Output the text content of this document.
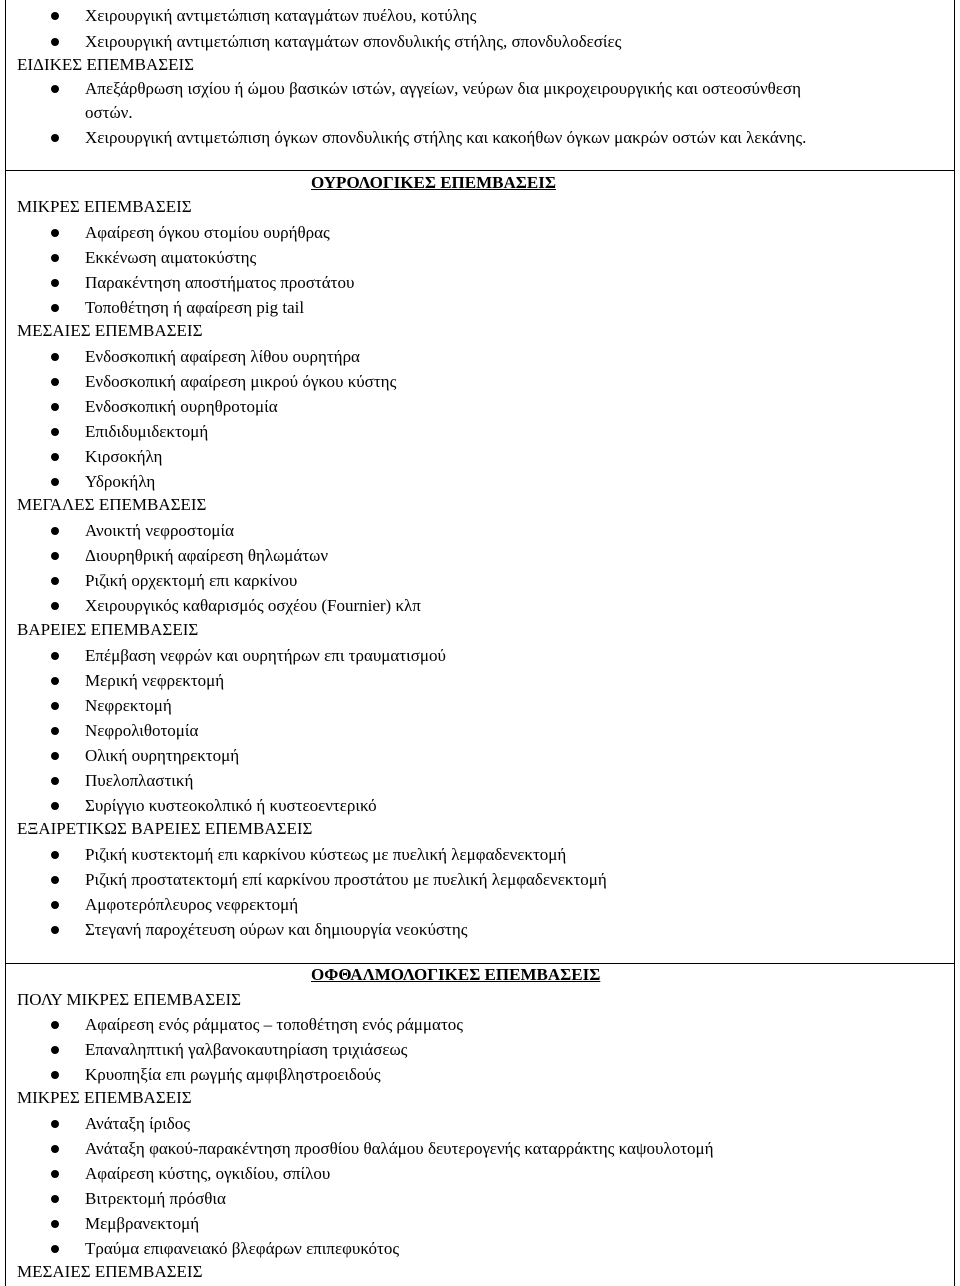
Χειρουργική αντιμετώπιση καταγμάτων πυέλου, κοτύλης
Χειρουργική αντιμετώπιση καταγμάτων σπονδυλικής στήλης, σπονδυλοδεσίες
ΕΙΔΙΚΕΣ ΕΠΕΜΒΑΣΕΙΣ
Απεξάρθρωση ισχίου ή ώμου βασικών ιστών, αγγείων, νεύρων δια μικροχειρουργικής και οστεοσύνθεση
οστών.
Χειρουργική αντιμετώπιση όγκων σπονδυλικής στήλης και κακοήθων όγκων μακρών οστών και λεκάνης.
ΟΥΡΟΛΟΓΙΚΕΣ ΕΠΕΜΒΑΣΕΙΣ
ΜΙΚΡΕΣ ΕΠΕΜΒΑΣΕΙΣ
Αφαίρεση όγκου στομίου ουρήθρας
Εκκένωση αιματοκύστης
Παρακέντηση αποστήματος προστάτου
Τοποθέτηση ή αφαίρεση pig tail
ΜΕΣΑΙΕΣ ΕΠΕΜΒΑΣΕΙΣ
Ενδοσκοπική αφαίρεση λίθου ουρητήρα
Ενδοσκοπική αφαίρεση μικρού όγκου κύστης
Ενδοσκοπική ουρηθροτομία
Επιδιδυμιδεκτομή
Κιρσοκήλη
Υδροκήλη
ΜΕΓΑΛΕΣ ΕΠΕΜΒΑΣΕΙΣ
Ανοικτή νεφροστομία
Διουρηθρική αφαίρεση θηλωμάτων
Ριζική ορχεκτομή επι καρκίνου
Χειρουργικός καθαρισμός οσχέου (Fournier) κλπ
ΒΑΡΕΙΕΣ ΕΠΕΜΒΑΣΕΙΣ
Επέμβαση νεφρών και ουρητήρων επι τραυματισμού
Μερική νεφρεκτομή
Νεφρεκτομή
Νεφρολιθοτομία
Ολική ουρητηρεκτομή
Πυελοπλαστική
Συρίγγιο κυστεοκολπικό ή κυστεοεντερικό
ΕΞΑΙΡΕΤΙΚΩΣ ΒΑΡΕΙΕΣ ΕΠΕΜΒΑΣΕΙΣ
Ριζική κυστεκτομή επι καρκίνου κύστεως με πυελική λεμφαδενεκτομή
Ριζική προστατεκτομή επί καρκίνου προστάτου με πυελική λεμφαδενεκτομή
Αμφοτερόπλευρος νεφρεκτομή
Στεγανή παροχέτευση ούρων και δημιουργία νεοκύστης
ΟΦΘΑΛΜΟΛΟΓΙΚΕΣ ΕΠΕΜΒΑΣΕΙΣ
ΠΟΛΥ ΜΙΚΡΕΣ ΕΠΕΜΒΑΣΕΙΣ
Αφαίρεση ενός ράμματος – τοποθέτηση ενός ράμματος
Επαναληπτική γαλβανοκαυτηρίαση τριχιάσεως
Κρυοπηξία επι ρωγμής αμφιβληστροειδούς
ΜΙΚΡΕΣ ΕΠΕΜΒΑΣΕΙΣ
Ανάταξη ίριδος
Ανάταξη φακού-παρακέντηση προσθίου θαλάμου δευτερογενής καταρράκτης καψουλοτομή
Αφαίρεση κύστης, ογκιδίου, σπίλου
Βιτρεκτομή πρόσθια
Μεμβρανεκτομή
Τραύμα επιφανειακό βλεφάρων επιπεφυκότος
ΜΕΣΑΙΕΣ ΕΠΕΜΒΑΣΕΙΣ
